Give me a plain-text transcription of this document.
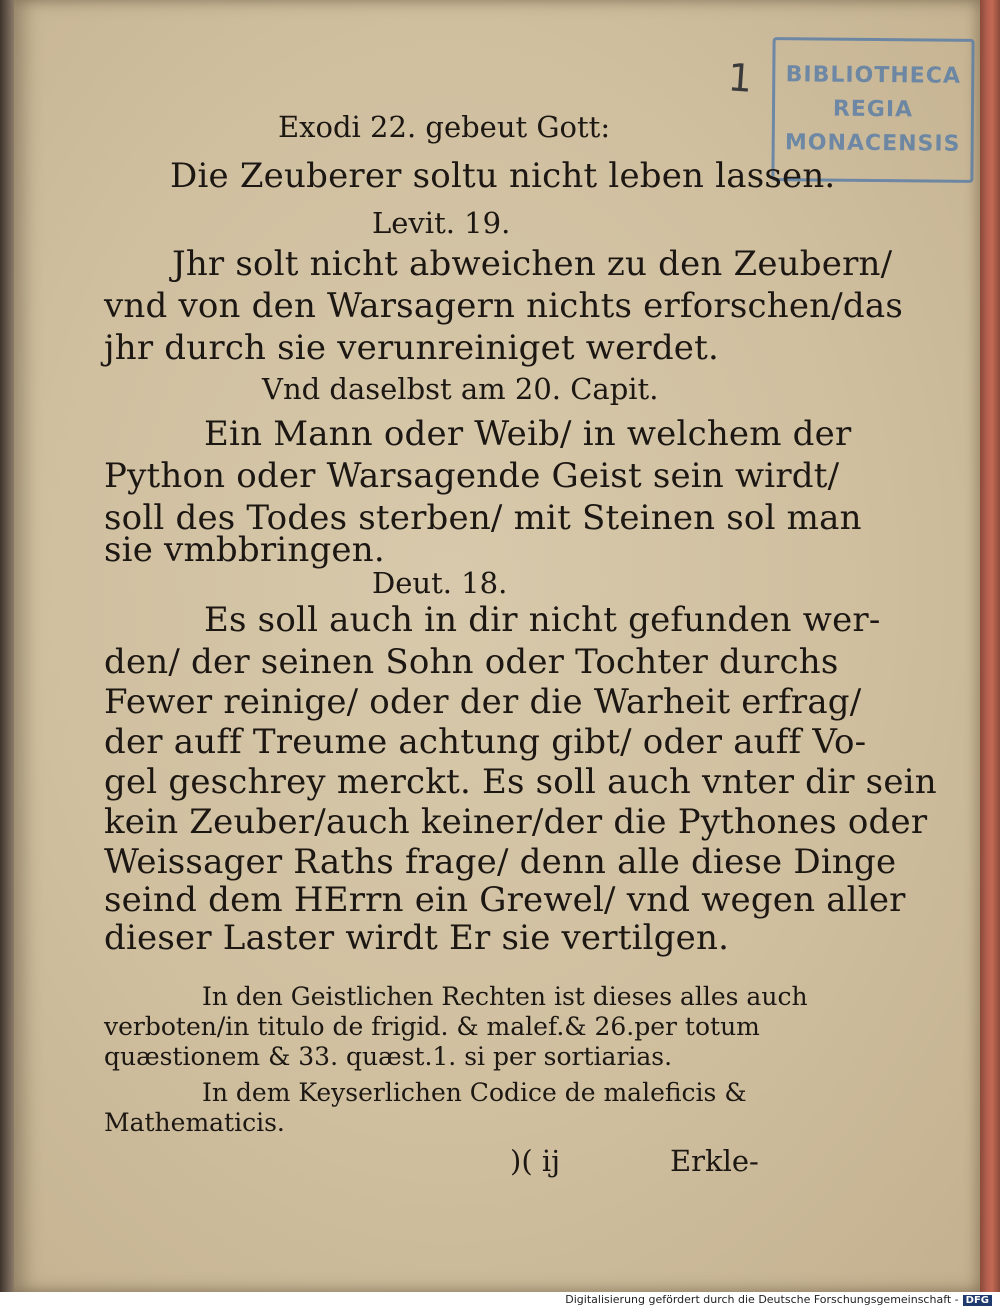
BIBLIOTHECA
REGIA
MONACENSIS
1
Exodi 22. gebeut Gott:
Die Zeuberer soltu nicht leben lassen.
Levit. 19.
Jhr solt nicht abweichen zu den Zeubern/
vnd von den Warsagern nichts erforschen/das
jhr durch sie verunreiniget werdet.
Vnd daselbst am 20. Capit.
Ein Mann oder Weib/ in welchem der
Python oder Warsagende Geist sein wirdt/
soll des Todes sterben/ mit Steinen sol man
sie vmbbringen.
Deut. 18.
Es soll auch in dir nicht gefunden wer-
den/ der seinen Sohn oder Tochter durchs
Fewer reinige/ oder der die Warheit erfrag/
der auff Treume achtung gibt/ oder auff Vo-
gel geschrey merckt. Es soll auch vnter dir sein
kein Zeuber/auch keiner/der die Pythones oder
Weissager Raths frage/ denn alle diese Dinge
seind dem HErrn ein Grewel/ vnd wegen aller
dieser Laster wirdt Er sie vertilgen.
In den Geistlichen Rechten ist dieses alles auch
verboten/in titulo de frigid. & malef.& 26.per totum
quæstionem & 33. quæst.1. si per sortiarias.
In dem Keyserlichen Codice de maleficis &
Mathematicis.
)( ij	Erkle-
Digitalisierung gefördert durch die Deutsche Forschungsgemeinschaft - DFG
